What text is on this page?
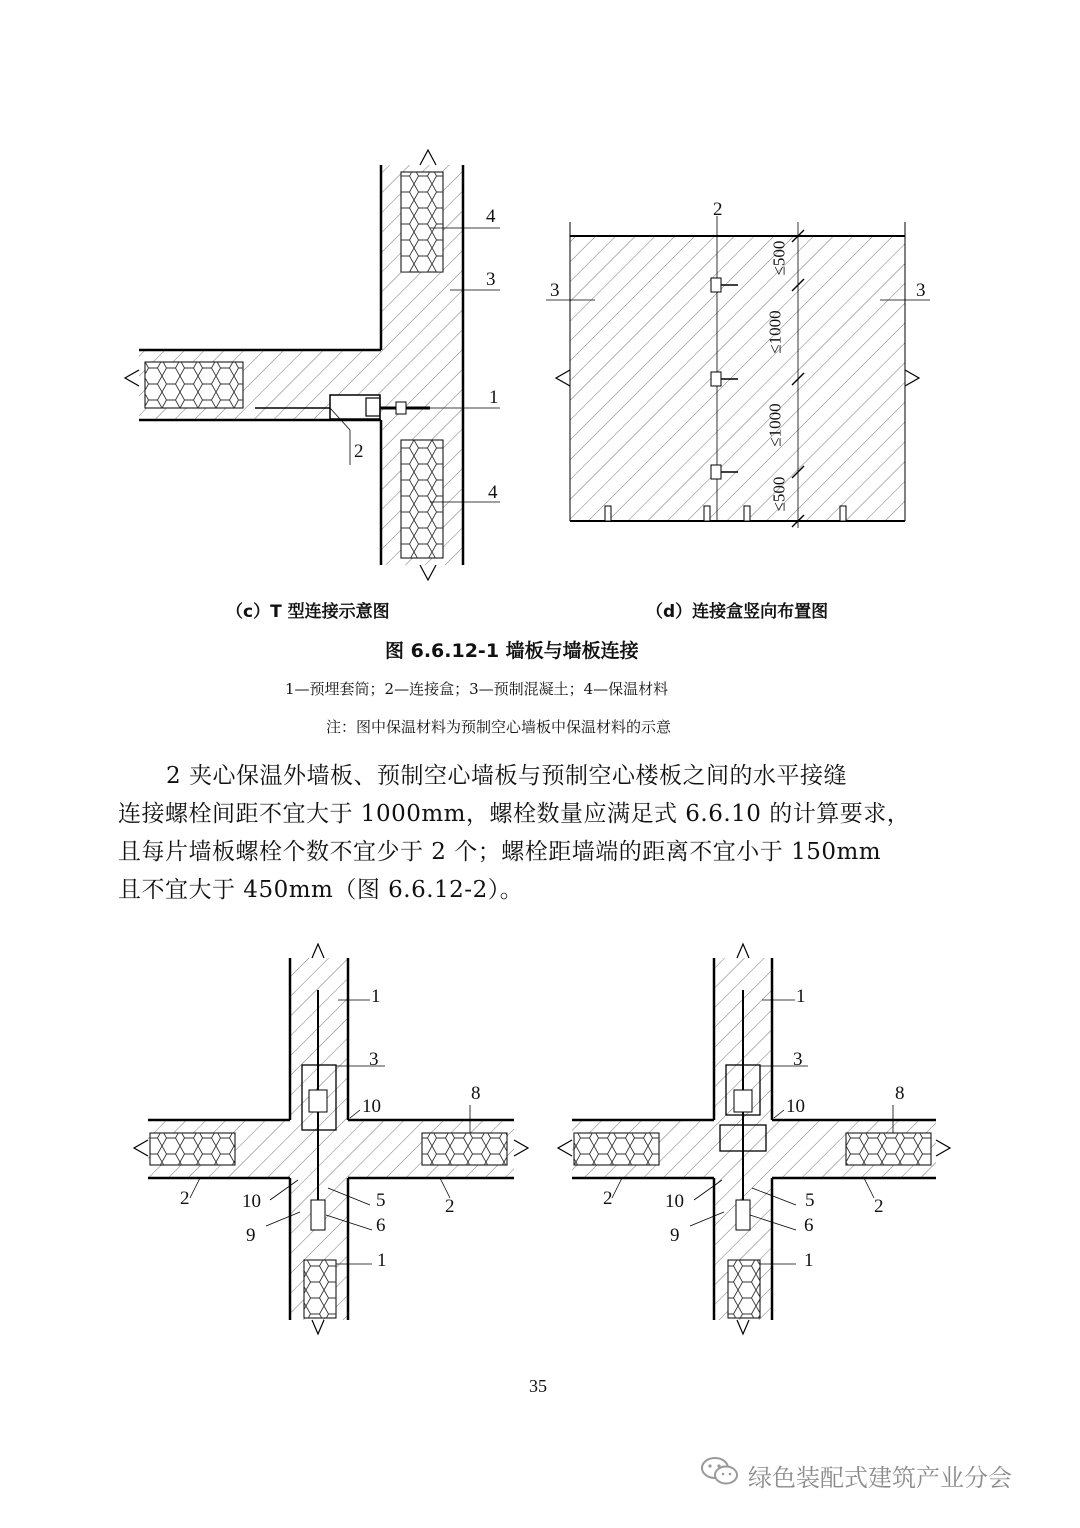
4
3
1
2
4
2
3	3
≤500
≤1000
≤1000
≤500
（c）T 型连接示意图	（d）连接盒竖向布置图
图 6.6.12-1 墙板与墙板连接
1—预埋套筒；2—连接盒；3—预制混凝土；4—保温材料
注：图中保温材料为预制空心墙板中保温材料的示意

2 夹心保温外墙板、预制空心墙板与预制空心楼板之间的水平接缝

连接螺栓间距不宜大于 1000mm，螺栓数量应满足式 6.6.10 的计算要求，

且每片墙板螺栓个数不宜少于 2 个；螺栓距墙端的距离不宜小于 150mm

且不宜大于 450mm（图 6.6.12-2）。

1
3
10
8
2	10	5	2
9	6
1
1
3
10
8
2	10	5	2
9	6
1
35
绿色装配式建筑产业分会
